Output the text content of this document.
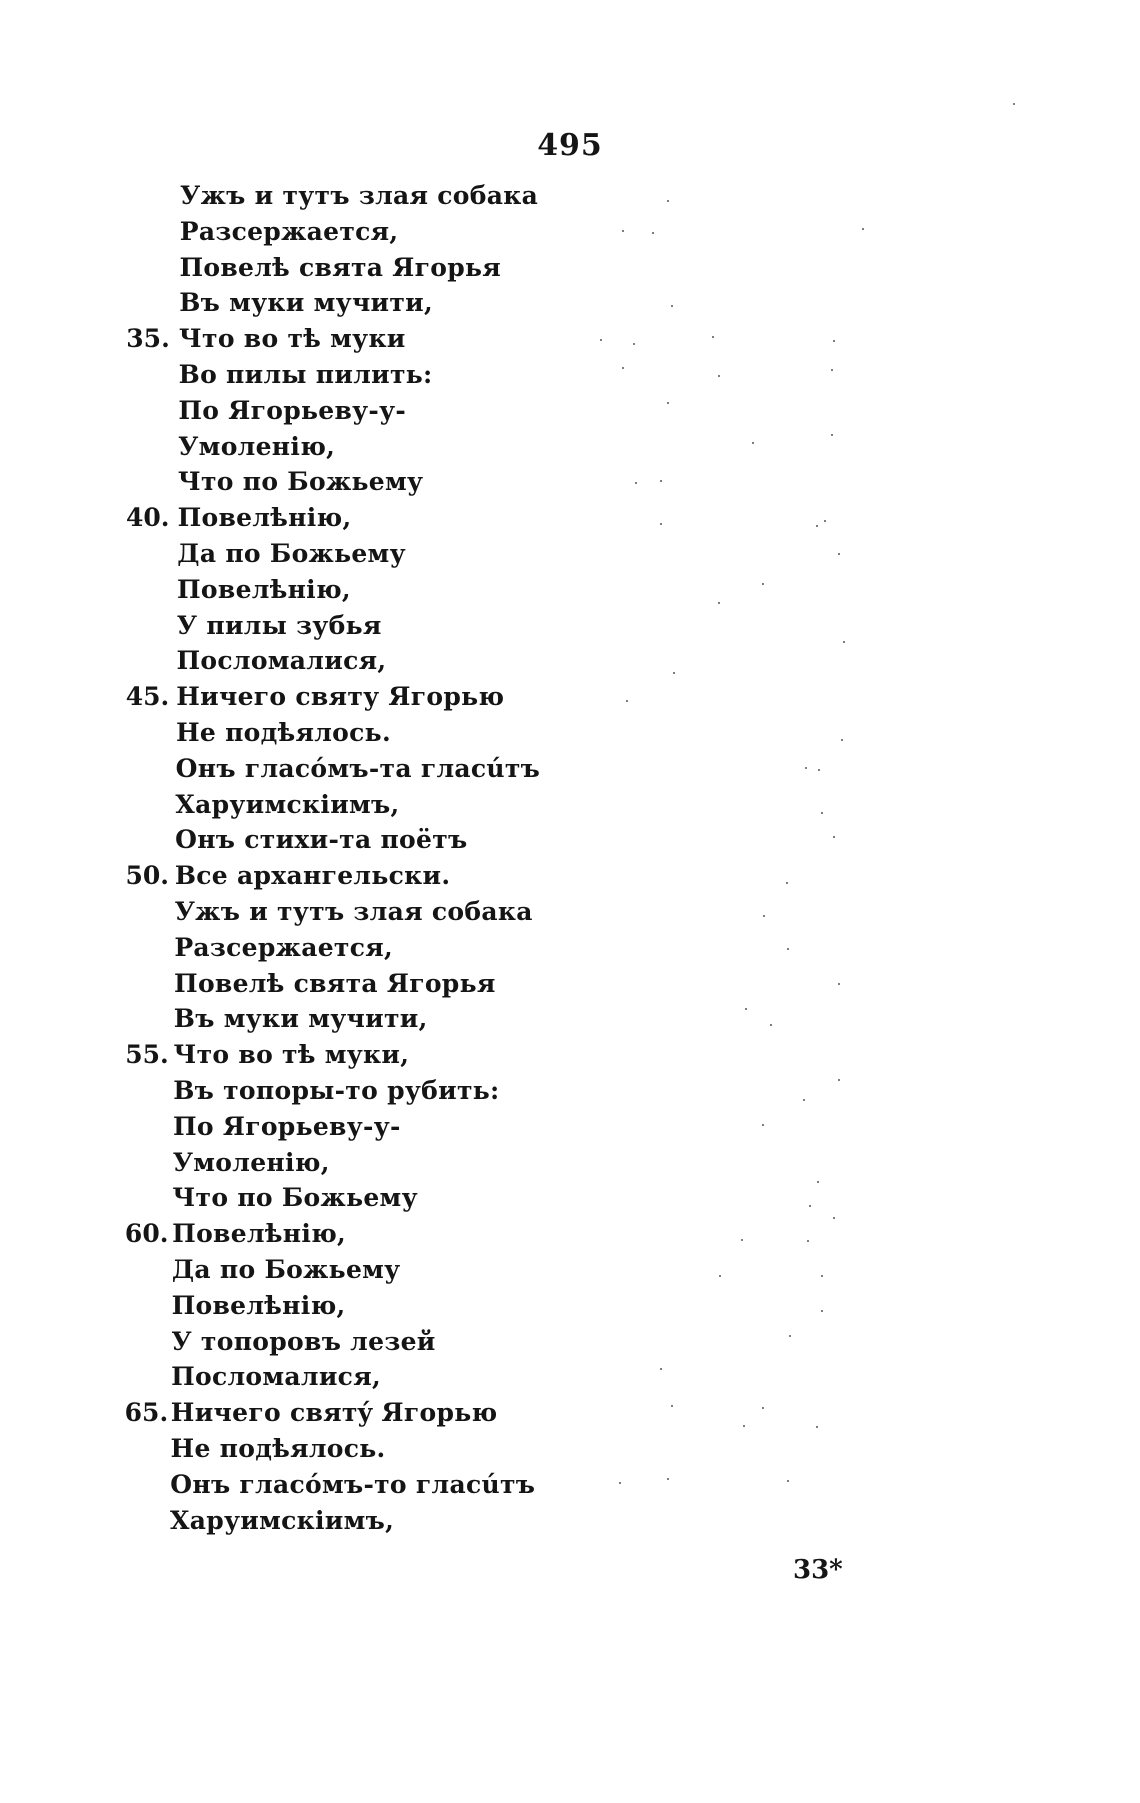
495
Ужъ и тутъ злая собака
Разсержается,
Повелѣ свята Ягорья
Въ муки мучити,
35. Что во тѣ муки
Во пилы пилить:
По Ягорьеву-у-
Умоленiю,
Что по Божьему
40. Повелѣнiю,
Да по Божьему
Повелѣнiю,
У пилы зубья
Посломалися,
45. Ничего святу Ягорью
Не подѣялось.
Онъ гласóмъ-та гласúтъ
Харуимскiимъ,
Онъ стихи-та поётъ
50. Все архангельски.
Ужъ и тутъ злая собака
Разсержается,
Повелѣ свята Ягорья
Въ муки мучити,
55. Что во тѣ муки,
Въ топоры-то рубить:
По Ягорьеву-у-
Умоленiю,
Что по Божьему
60. Повелѣнiю,
Да по Божьему
Повелѣнiю,
У топоровъ лезей
Посломалися,
65. Ничего святý Ягорью
Не подѣялось.
Онъ гласóмъ-то гласúтъ
Харуимскiимъ,
33*
